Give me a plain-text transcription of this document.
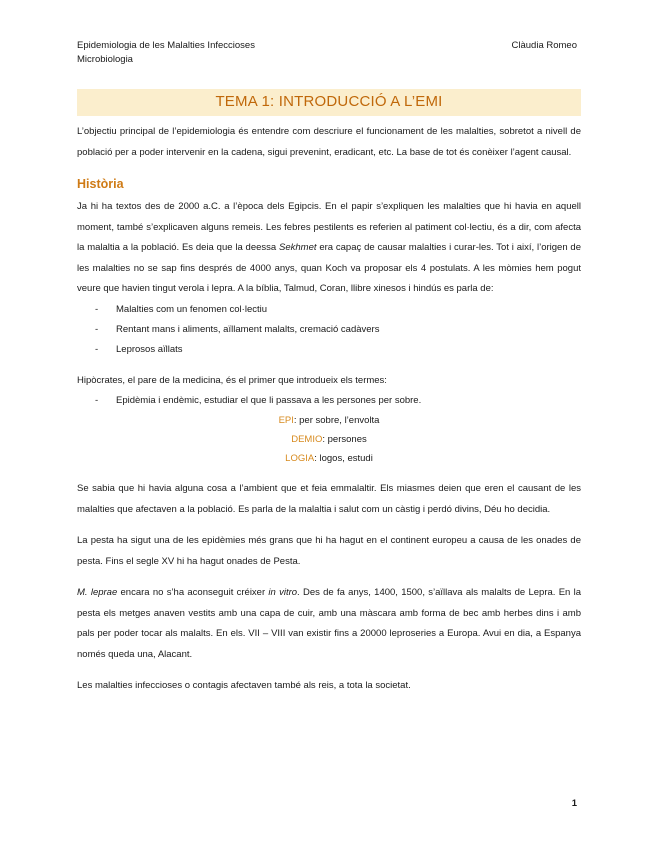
Epidemiologia de les Malalties Infeccioses
Microbiologia
Clàudia Romeo
TEMA 1: INTRODUCCIÓ A L’EMI

L’objectiu principal de l’epidemiologia és entendre com descriure el funcionament de les malalties, sobretot a nivell de població per a poder intervenir en la cadena, sigui prevenint, eradicant, etc. La base de tot és conèixer l’agent causal.

Història

Ja hi ha textos des de 2000 a.C. a l’època dels Egipcis. En el papir s’expliquen les malalties que hi havia en aquell moment, també s’explicaven alguns remeis. Les febres pestilents es referien al patiment col·lectiu, és a dir, com afecta la malaltia a la població. Es deia que la deessa Sekhmet era capaç de causar malalties i curar-les. Tot i així, l’origen de les malalties no se sap fins després de 4000 anys, quan Koch va proposar els 4 postulats. A les mòmies hem pogut veure que havien tingut verola i lepra. A la bíblia, Talmud, Coran, llibre xinesos i hindús es parla de:

- Malalties com un fenomen col·lectiu
- Rentant mans i aliments, aïllament malalts, cremació cadàvers
- Leprosos aïllats

Hipòcrates, el pare de la medicina, és el primer que introdueix els termes:

- Epidèmia i endèmic, estudiar el que li passava a les persones per sobre.
EPI: per sobre, l’envolta
DEMIO: persones
LOGIA: logos, estudi

Se sabia que hi havia alguna cosa a l’ambient que et feia emmalaltir. Els miasmes deien que eren el causant de les malalties que afectaven a la població. Es parla de la malaltia i salut com un càstig i perdó divins, Déu ho decidia.

La pesta ha sigut una de les epidèmies més grans que hi ha hagut en el continent europeu a causa de les onades de pesta. Fins el segle XV hi ha hagut onades de Pesta.

M. leprae encara no s’ha aconseguit créixer in vitro. Des de fa anys, 1400, 1500, s’aïllava als malalts de Lepra. En la pesta els metges anaven vestits amb una capa de cuir, amb una màscara amb forma de bec amb herbes dins i amb pals per poder tocar als malalts. En els. VII – VIII van existir fins a 20000 leproseries a Europa. Avui en dia, a Espanya només queda una, Alacant.

Les malalties infeccioses o contagis afectaven també als reis, a tota la societat.

1
